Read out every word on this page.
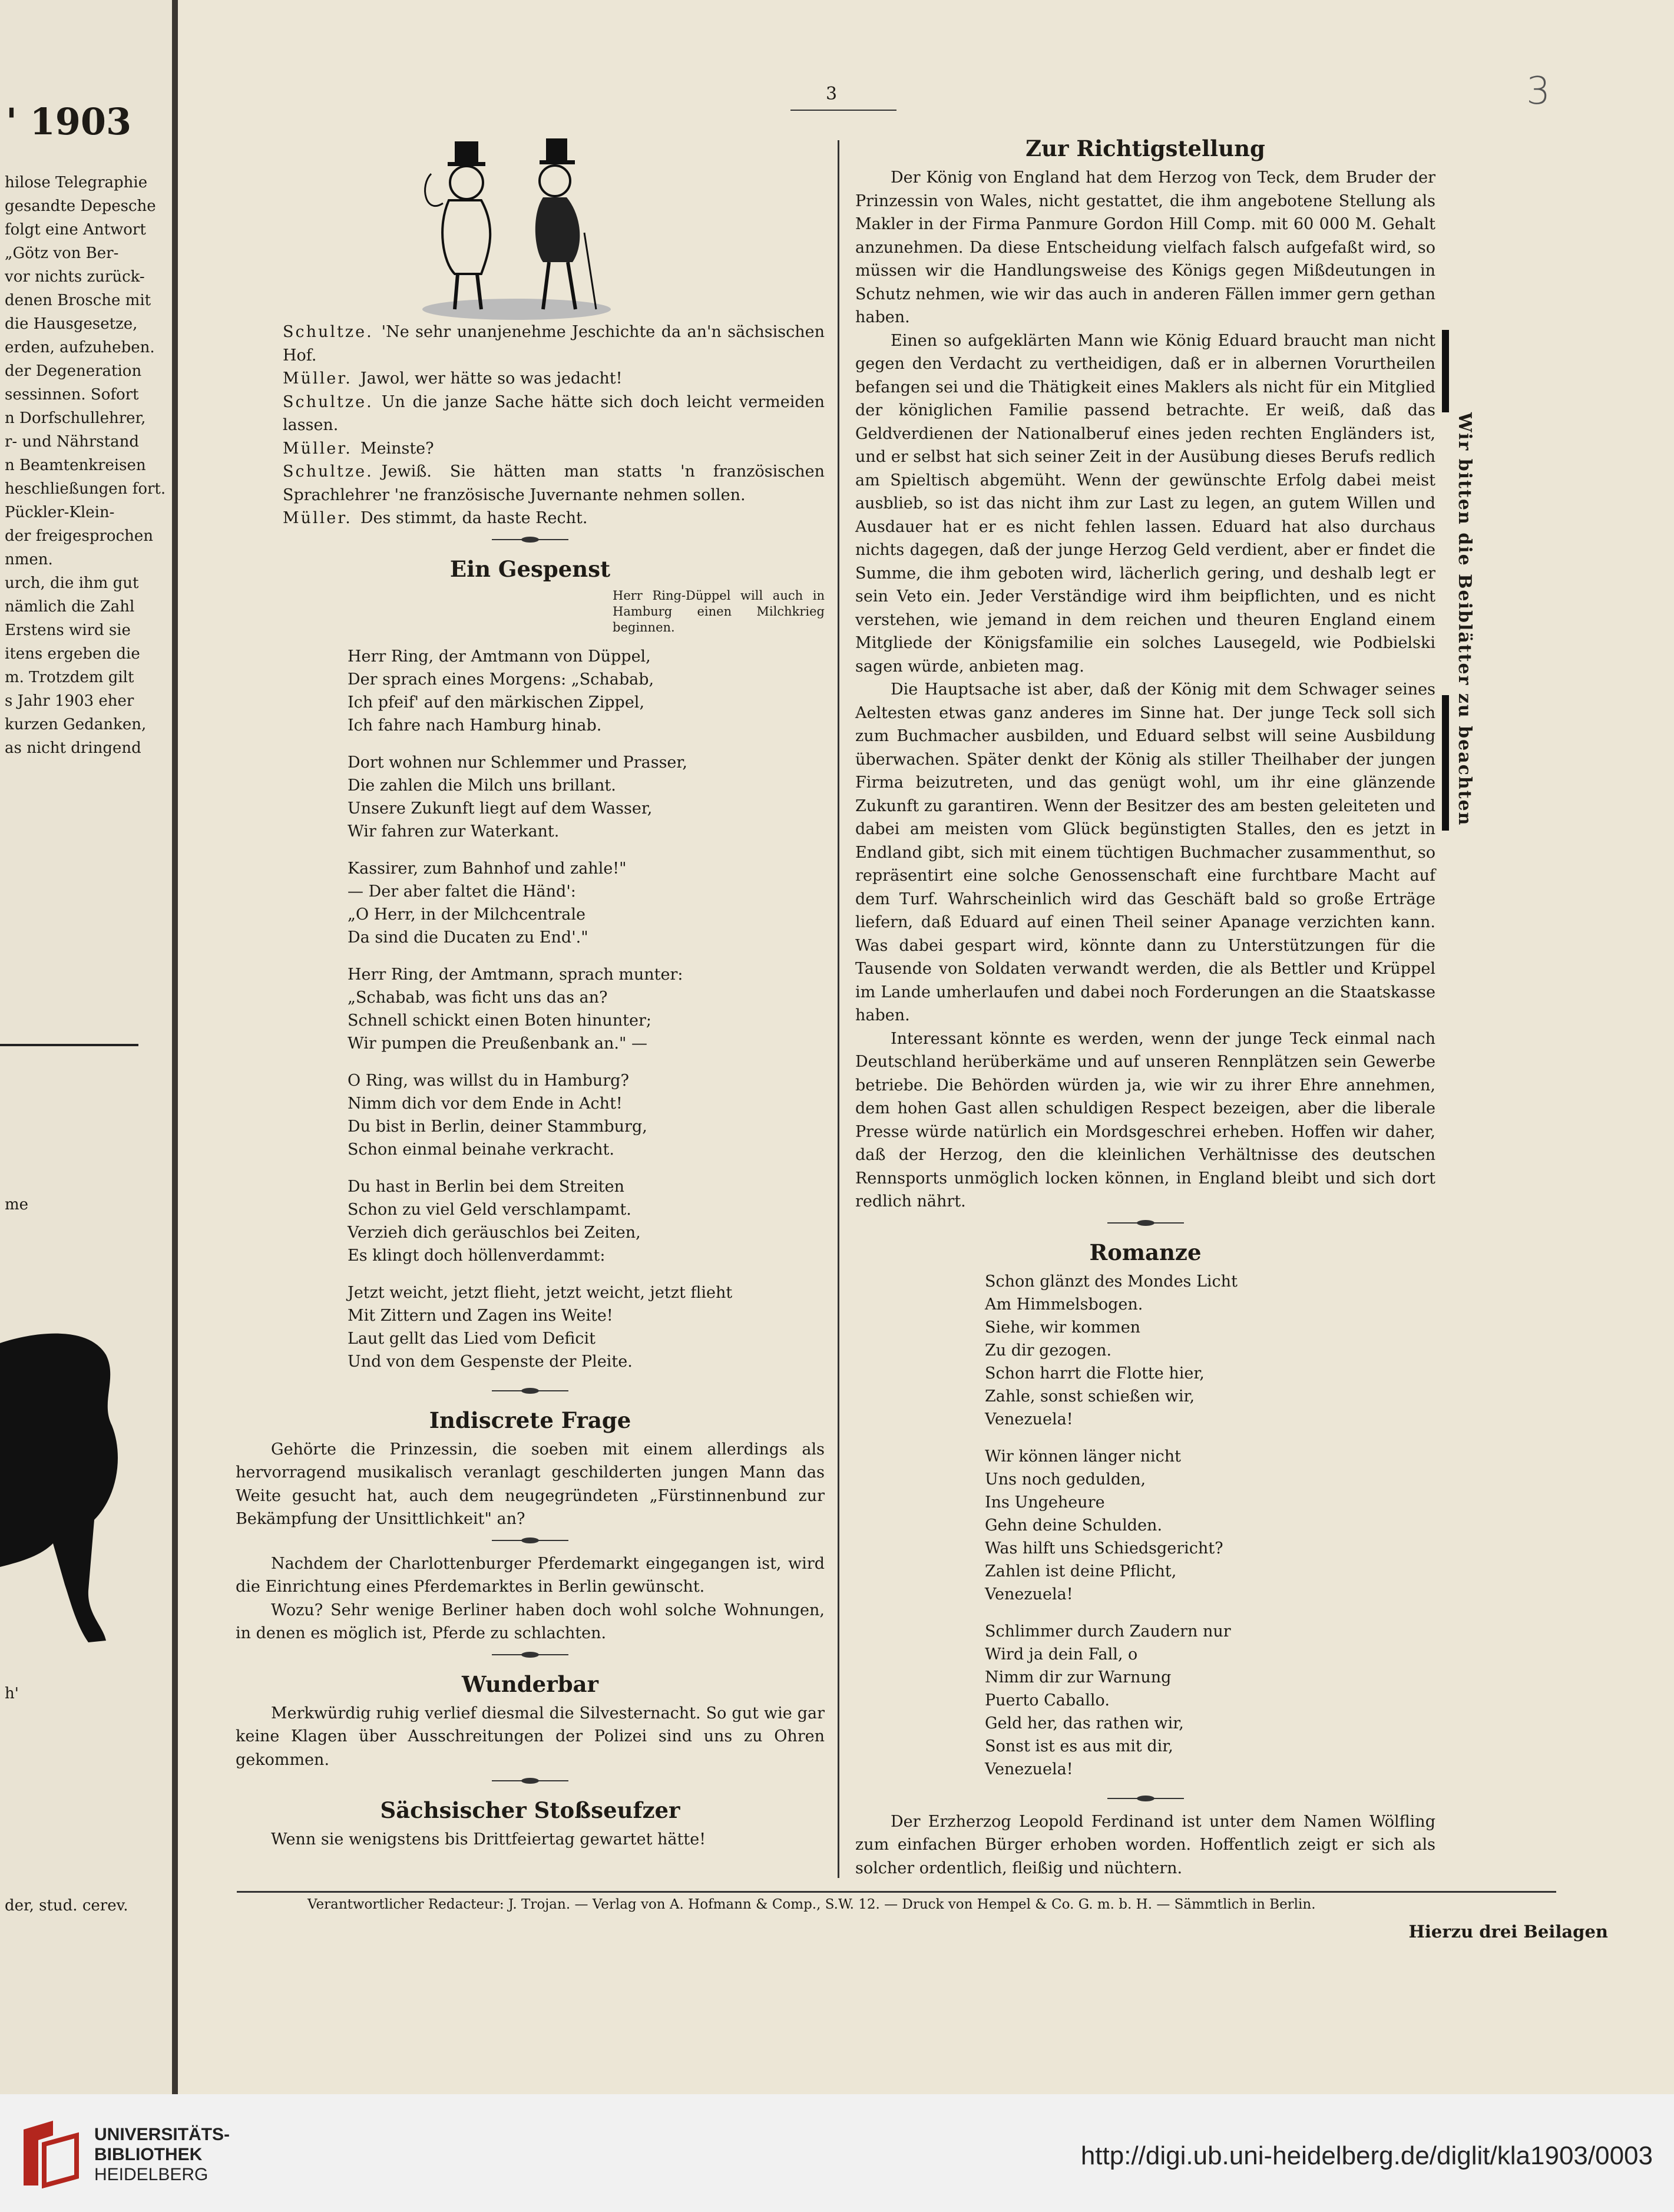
' 1903
hilose Telegraphie
gesandte Depesche
folgt eine Antwort
„Götz von Ber-
vor nichts zurück-
denen Brosche mit
die Hausgesetze,
erden, aufzuheben.
der Degeneration
sessinnen. Sofort
n Dorfschullehrer,
r- und Nährstand
n Beamtenkreisen
heschließungen fort.
Pückler-Klein-
der freigesprochen
nmen.
urch, die ihm gut
nämlich die Zahl
Erstens wird sie
itens ergeben die
m. Trotzdem gilt
s Jahr 1903 eher
kurzen Gedanken,
as nicht dringend
me
h'
der, stud. cerev.
3	3
Schultze. 'Ne sehr unanjenehme Jeschichte da an'n sächsischen Hof.
Müller. Jawol, wer hätte so was jedacht!
Schultze. Un die janze Sache hätte sich doch leicht vermeiden lassen.
Müller. Meinste?
Schultze. Jewiß. Sie hätten man statts 'n französischen Sprachlehrer 'ne französische Juvernante nehmen sollen.
Müller. Des stimmt, da haste Recht.
Ein Gespenst
Herr Ring-Düppel will auch in Hamburg einen Milchkrieg beginnen.
Herr Ring, der Amtmann von Düppel,
Der sprach eines Morgens: „Schabab,
Ich pfeif' auf den märkischen Zippel,
Ich fahre nach Hamburg hinab.
Dort wohnen nur Schlemmer und Prasser,
Die zahlen die Milch uns brillant.
Unsere Zukunft liegt auf dem Wasser,
Wir fahren zur Waterkant.
Kassirer, zum Bahnhof und zahle!"
— Der aber faltet die Händ':
„O Herr, in der Milchcentrale
Da sind die Ducaten zu End'."
Herr Ring, der Amtmann, sprach munter:
„Schabab, was ficht uns das an?
Schnell schickt einen Boten hinunter;
Wir pumpen die Preußenbank an." —
O Ring, was willst du in Hamburg?
Nimm dich vor dem Ende in Acht!
Du bist in Berlin, deiner Stammburg,
Schon einmal beinahe verkracht.
Du hast in Berlin bei dem Streiten
Schon zu viel Geld verschlampamt.
Verzieh dich geräuschlos bei Zeiten,
Es klingt doch höllenverdammt:
Jetzt weicht, jetzt flieht, jetzt weicht, jetzt flieht
Mit Zittern und Zagen ins Weite!
Laut gellt das Lied vom Deficit
Und von dem Gespenste der Pleite.
Indiscrete Frage

Gehörte die Prinzessin, die soeben mit einem allerdings als hervorragend musikalisch veranlagt geschilderten jungen Mann das Weite gesucht hat, auch dem neugegründeten „Fürstinnenbund zur Bekämpfung der Unsittlichkeit" an?

Nachdem der Charlottenburger Pferdemarkt eingegangen ist, wird die Einrichtung eines Pferdemarktes in Berlin gewünscht.

Wozu? Sehr wenige Berliner haben doch wohl solche Wohnungen, in denen es möglich ist, Pferde zu schlachten.

Wunderbar

Merkwürdig ruhig verlief diesmal die Silvesternacht. So gut wie gar keine Klagen über Ausschreitungen der Polizei sind uns zu Ohren gekommen.

Sächsischer Stoßseufzer

Wenn sie wenigstens bis Drittfeiertag gewartet hätte!

Zur Richtigstellung

Der König von England hat dem Herzog von Teck, dem Bruder der Prinzessin von Wales, nicht gestattet, die ihm angebotene Stellung als Makler in der Firma Panmure Gordon Hill Comp. mit 60 000 M. Gehalt anzunehmen. Da diese Entscheidung vielfach falsch aufgefaßt wird, so müssen wir die Handlungsweise des Königs gegen Mißdeutungen in Schutz nehmen, wie wir das auch in anderen Fällen immer gern gethan haben.

Einen so aufgeklärten Mann wie König Eduard braucht man nicht gegen den Verdacht zu vertheidigen, daß er in albernen Vorurtheilen befangen sei und die Thätigkeit eines Maklers als nicht für ein Mitglied der königlichen Familie passend betrachte. Er weiß, daß das Geldverdienen der Nationalberuf eines jeden rechten Engländers ist, und er selbst hat sich seiner Zeit in der Ausübung dieses Berufs redlich am Spieltisch abgemüht. Wenn der gewünschte Erfolg dabei meist ausblieb, so ist das nicht ihm zur Last zu legen, an gutem Willen und Ausdauer hat er es nicht fehlen lassen. Eduard hat also durchaus nichts dagegen, daß der junge Herzog Geld verdient, aber er findet die Summe, die ihm geboten wird, lächerlich gering, und deshalb legt er sein Veto ein. Jeder Verständige wird ihm beipflichten, und es nicht verstehen, wie jemand in dem reichen und theuren England einem Mitgliede der Königsfamilie ein solches Lausegeld, wie Podbielski sagen würde, anbieten mag.

Die Hauptsache ist aber, daß der König mit dem Schwager seines Aeltesten etwas ganz anderes im Sinne hat. Der junge Teck soll sich zum Buchmacher ausbilden, und Eduard selbst will seine Ausbildung überwachen. Später denkt der König als stiller Theilhaber der jungen Firma beizutreten, und das genügt wohl, um ihr eine glänzende Zukunft zu garantiren. Wenn der Besitzer des am besten geleiteten und dabei am meisten vom Glück begünstigten Stalles, den es jetzt in Endland gibt, sich mit einem tüchtigen Buchmacher zusammenthut, so repräsentirt eine solche Genossenschaft eine furchtbare Macht auf dem Turf. Wahrscheinlich wird das Geschäft bald so große Erträge liefern, daß Eduard auf einen Theil seiner Apanage verzichten kann. Was dabei gespart wird, könnte dann zu Unterstützungen für die Tausende von Soldaten verwandt werden, die als Bettler und Krüppel im Lande umherlaufen und dabei noch Forderungen an die Staatskasse haben.

Interessant könnte es werden, wenn der junge Teck einmal nach Deutschland herüberkäme und auf unseren Rennplätzen sein Gewerbe betriebe. Die Behörden würden ja, wie wir zu ihrer Ehre annehmen, dem hohen Gast allen schuldigen Respect bezeigen, aber die liberale Presse würde natürlich ein Mordsgeschrei erheben. Hoffen wir daher, daß der Herzog, den die kleinlichen Verhältnisse des deutschen Rennsports unmöglich locken können, in England bleibt und sich dort redlich nährt.

Romanze
Schon glänzt des Mondes Licht
Am Himmelsbogen.
Siehe, wir kommen
Zu dir gezogen.
Schon harrt die Flotte hier,
Zahle, sonst schießen wir,
Venezuela!
Wir können länger nicht
Uns noch gedulden,
Ins Ungeheure
Gehn deine Schulden.
Was hilft uns Schiedsgericht?
Zahlen ist deine Pflicht,
Venezuela!
Schlimmer durch Zaudern nur
Wird ja dein Fall, o
Nimm dir zur Warnung
Puerto Caballo.
Geld her, das rathen wir,
Sonst ist es aus mit dir,
Venezuela!

Der Erzherzog Leopold Ferdinand ist unter dem Namen Wölfling zum einfachen Bürger erhoben worden. Hoffentlich zeigt er sich als solcher ordentlich, fleißig und nüchtern.

Wir bitten die Beiblätter zu beachten
Verantwortlicher Redacteur: J. Trojan. — Verlag von A. Hofmann & Comp., S.W. 12. — Druck von Hempel & Co. G. m. b. H. — Sämmtlich in Berlin.
Hierzu drei Beilagen
UNIVERSITÄTS-
BIBLIOTHEK
HEIDELBERG
http://digi.ub.uni-heidelberg.de/diglit/kla1903/0003
